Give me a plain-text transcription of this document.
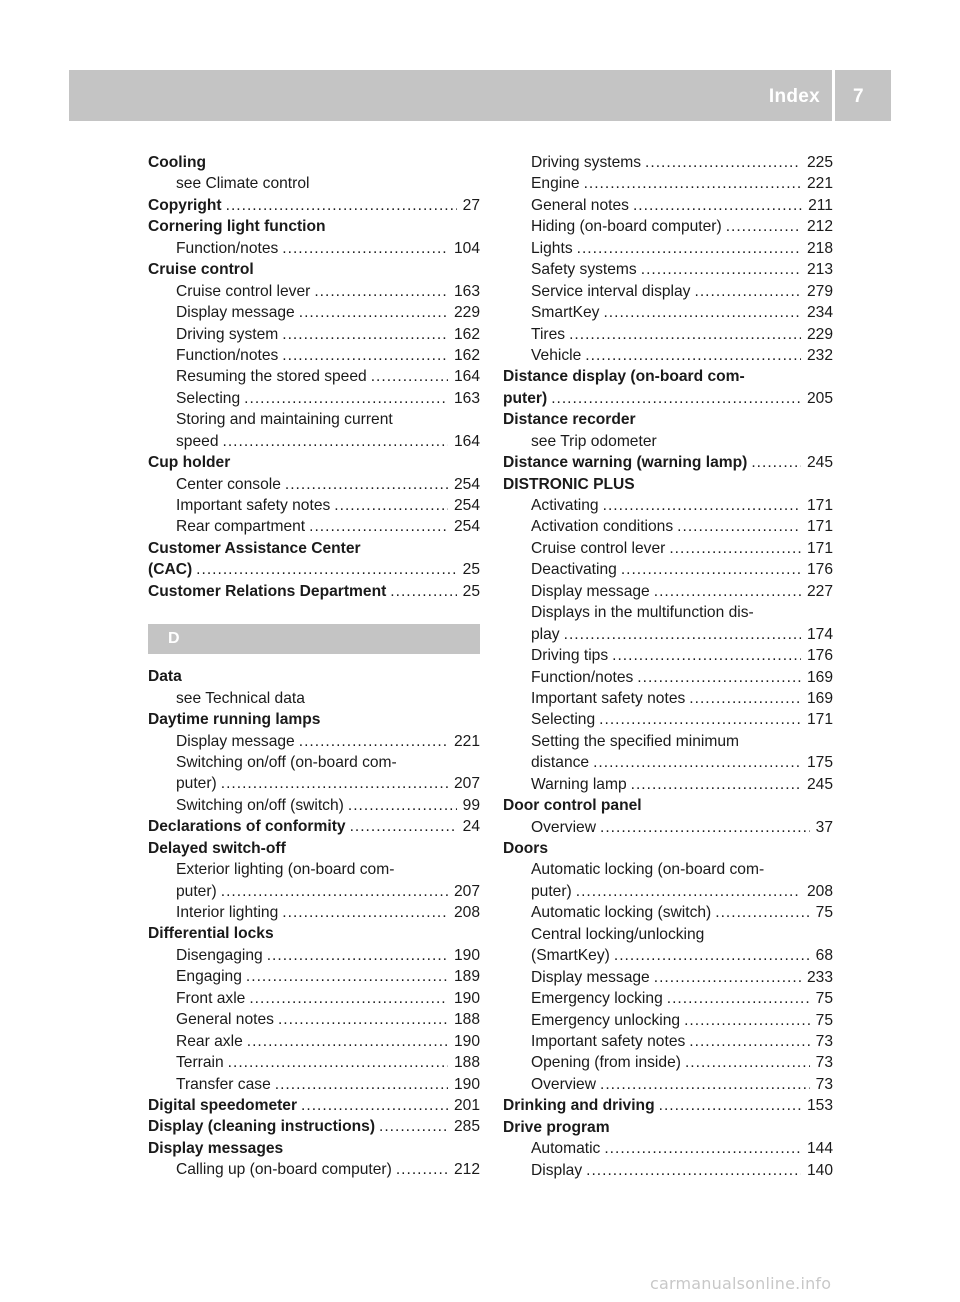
Index 7
Cooling
see Climate control
Copyright .....	27
Cornering light function
Function/notes .....	104
Cruise control
Cruise control lever .....	163
Display message .....	229
Driving system .....	162
Function/notes .....	162
Resuming the stored speed .....	164
Selecting .....	163
Storing and maintaining current
speed .....	164
Cup holder
Center console .....	254
Important safety notes .....	254
Rear compartment .....	254
Customer Assistance Center
(CAC) .....	25
Customer Relations Department .....	25
D
Data
see Technical data
Daytime running lamps
Display message .....	221
Switching on/off (on-board com-
puter) .....	207
Switching on/off (switch) .....	99
Declarations of conformity .....	24
Delayed switch-off
Exterior lighting (on-board com-
puter) .....	207
Interior lighting .....	208
Differential locks
Disengaging .....	190
Engaging .....	189
Front axle .....	190
General notes .....	188
Rear axle .....	190
Terrain .....	188
Transfer case .....	190
Digital speedometer .....	201
Display (cleaning instructions) .....	285
Display messages
Calling up (on-board computer) .....	212
Driving systems .....	225
Engine .....	221
General notes .....	211
Hiding (on-board computer) .....	212
Lights .....	218
Safety systems .....	213
Service interval display .....	279
SmartKey .....	234
Tires .....	229
Vehicle .....	232
Distance display (on-board com-
puter) .....	205
Distance recorder
see Trip odometer
Distance warning (warning lamp) .....	245
DISTRONIC PLUS
Activating .....	171
Activation conditions .....	171
Cruise control lever .....	171
Deactivating .....	176
Display message .....	227
Displays in the multifunction dis-
play .....	174
Driving tips .....	176
Function/notes .....	169
Important safety notes .....	169
Selecting .....	171
Setting the specified minimum
distance .....	175
Warning lamp .....	245
Door control panel
Overview .....	37
Doors
Automatic locking (on-board com-
puter) .....	208
Automatic locking (switch) .....	75
Central locking/unlocking
(SmartKey) .....	68
Display message .....	233
Emergency locking .....	75
Emergency unlocking .....	75
Important safety notes .....	73
Opening (from inside) .....	73
Overview .....	73
Drinking and driving .....	153
Drive program
Automatic .....	144
Display .....	140
carmanualsonline.info
